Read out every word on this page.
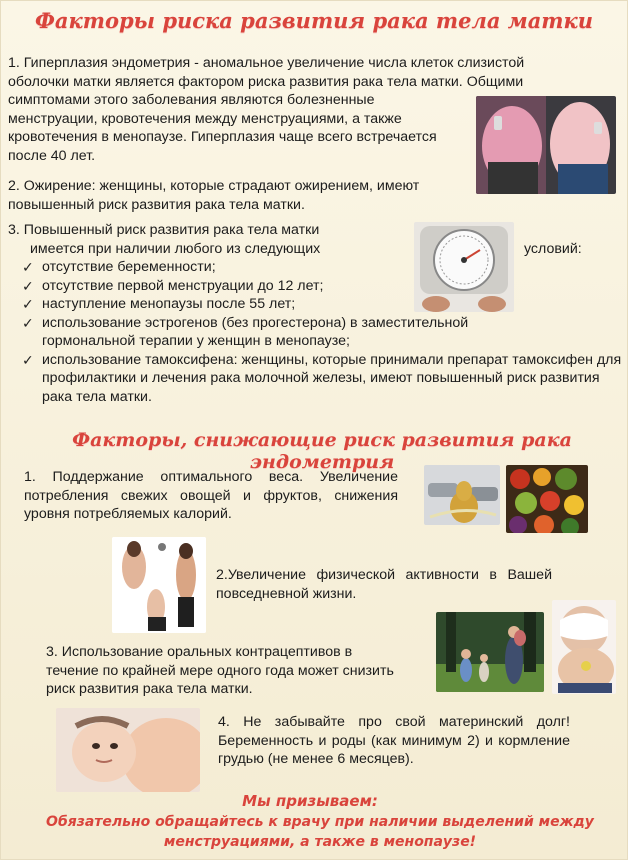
Факторы риска развития рака тела матки

1. Гиперплазия эндометрия - аномальное увеличение числа клеток слизистой

оболочки матки является фактором риска развития рака тела матки. Общими

симптомами этого заболевания являются болезненные менструации, кровотечения между менструациями, а также кровотечения в менопаузе. Гиперплазия чаще всего встречается после 40 лет.

2. Ожирение: женщины, которые страдают ожирением, имеют повышенный риск развития рака тела матки.

3. Повышенный риск развития рака тела матки

имеется при наличии любого из следующих	условий:

✓ отсутствие беременности;
✓ отсутствие первой менструации до 12 лет;
✓ наступление менопаузы после 55 лет;
✓ использование эстрогенов (без прогестерона) в заместительной гормональной терапии у женщин в менопаузе;
✓ использование тамоксифена: женщины, которые принимали препарат тамоксифен для профилактики и лечения рака молочной железы, имеют повышенный риск развития рака тела матки.
Факторы, снижающие риск развития рака эндометрия

1. Поддержание оптимального веса. Увеличение потребления свежих овощей и фруктов, снижения уровня потребляемых калорий.

2.Увеличение физической активности в Вашей повседневной жизни.

3. Использование оральных контрацептивов в течение по крайней мере одного года может снизить риск развития рака тела матки.

4. Не забывайте про свой материнский долг! Беременность и роды (как минимум 2) и кормление грудью (не менее 6 месяцев).

Мы призываем:
Обязательно обращайтесь к врачу при наличии выделений между менструациями, а также в менопаузе!
